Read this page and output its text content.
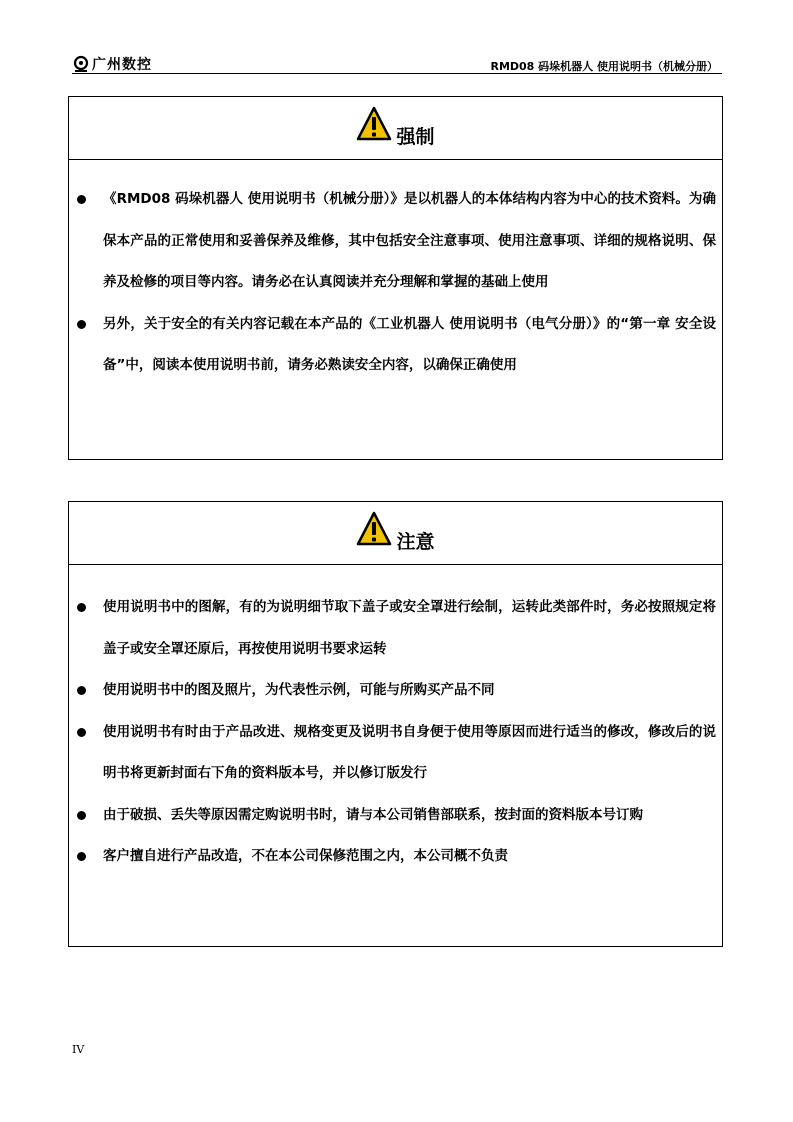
广州数控	RMD08 码垛机器人 使用说明书（机械分册）
强制
《RMD08 码垛机器人 使用说明书（机械分册）》是以机器人的本体结构内容为中心的技术资料。为确保本产品的正常使用和妥善保养及维修，其中包括安全注意事项、使用注意事项、详细的规格说明、保养及检修的项目等内容。请务必在认真阅读并充分理解和掌握的基础上使用
另外，关于安全的有关内容记载在本产品的《工业机器人 使用说明书（电气分册）》的“第一章 安全设备”中，阅读本使用说明书前，请务必熟读安全内容，以确保正确使用
注意
使用说明书中的图解，有的为说明细节取下盖子或安全罩进行绘制，运转此类部件时，务必按照规定将盖子或安全罩还原后，再按使用说明书要求运转
使用说明书中的图及照片，为代表性示例，可能与所购买产品不同
使用说明书有时由于产品改进、规格变更及说明书自身便于使用等原因而进行适当的修改，修改后的说明书将更新封面右下角的资料版本号，并以修订版发行
由于破损、丢失等原因需定购说明书时，请与本公司销售部联系，按封面的资料版本号订购
客户擅自进行产品改造，不在本公司保修范围之内，本公司概不负责
IV
